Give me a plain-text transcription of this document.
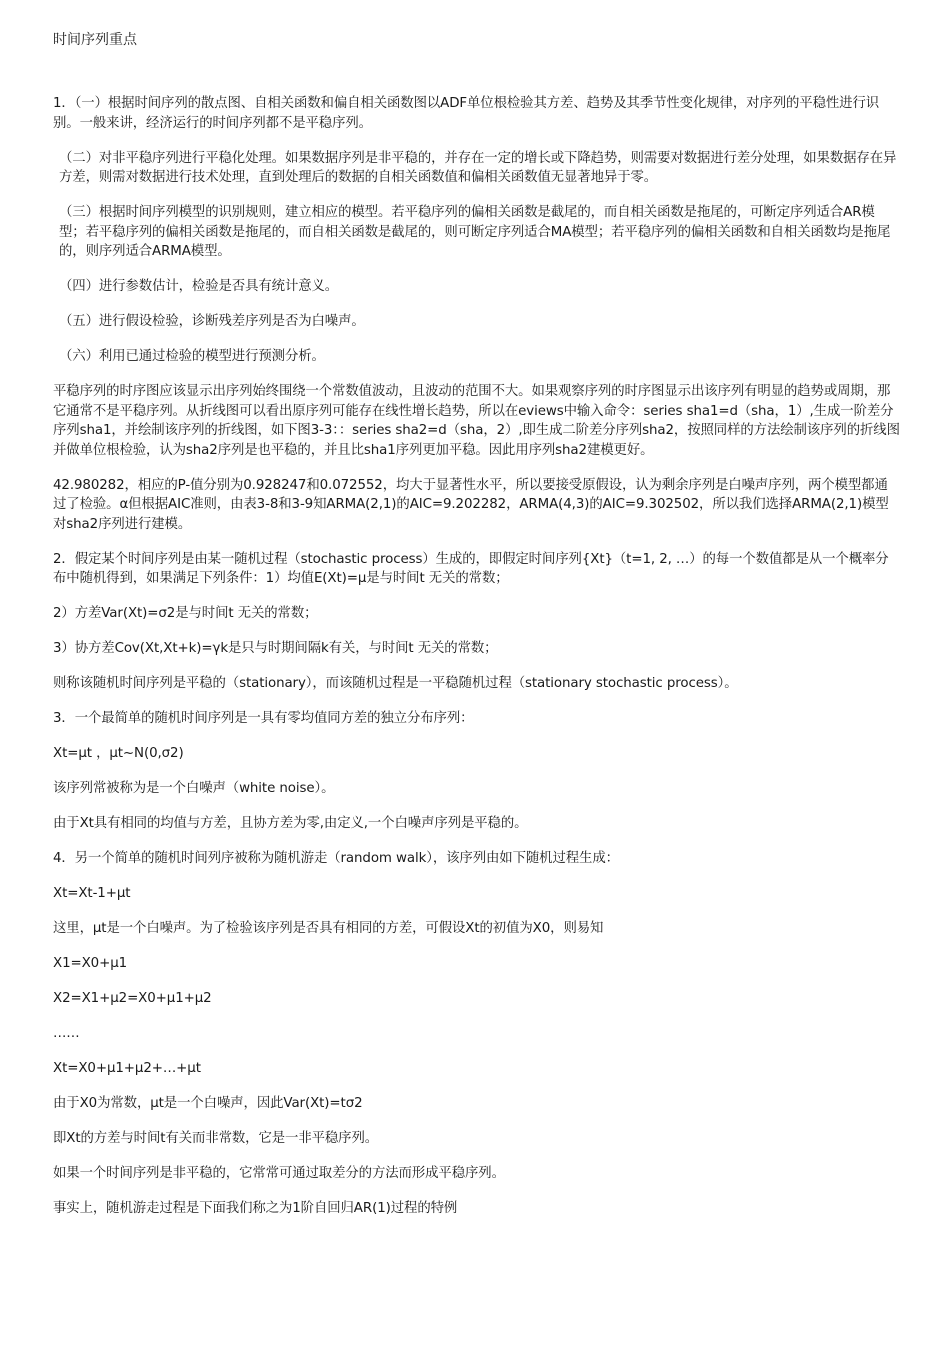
时间序列重点

1．（一）根据时间序列的散点图、自相关函数和偏自相关函数图以ADF单位根检验其方差、趋势及其季节性变化规律，对序列的平稳性进行识别。一般来讲，经济运行的时间序列都不是平稳序列。

（二）对非平稳序列进行平稳化处理。如果数据序列是非平稳的，并存在一定的增长或下降趋势，则需要对数据进行差分处理，如果数据存在异方差，则需对数据进行技术处理，直到处理后的数据的自相关函数值和偏相关函数值无显著地异于零。

（三）根据时间序列模型的识别规则，建立相应的模型。若平稳序列的偏相关函数是截尾的，而自相关函数是拖尾的，可断定序列适合AR模型；若平稳序列的偏相关函数是拖尾的，而自相关函数是截尾的，则可断定序列适合MA模型；若平稳序列的偏相关函数和自相关函数均是拖尾的，则序列适合ARMA模型。

（四）进行参数估计，检验是否具有统计意义。

（五）进行假设检验，诊断残差序列是否为白噪声。

（六）利用已通过检验的模型进行预测分析。

平稳序列的时序图应该显示出序列始终围绕一个常数值波动，且波动的范围不大。如果观察序列的时序图显示出该序列有明显的趋势或周期，那它通常不是平稳序列。从折线图可以看出原序列可能存在线性增长趋势，所以在eviews中输入命令：series sha1=d（sha，1）,生成一阶差分序列sha1，并绘制该序列的折线图，如下图3-3：：series sha2=d（sha，2）,即生成二阶差分序列sha2，按照同样的方法绘制该序列的折线图并做单位根检验，认为sha2序列是也平稳的，并且比sha1序列更加平稳。因此用序列sha2建模更好。

42.980282，相应的P-值分别为0.928247和0.072552，均大于显著性水平，所以要接受原假设，认为剩余序列是白噪声序列，两个模型都通过了检验。α但根据AIC准则，由表3-8和3-9知ARMA(2,1)的AIC=9.202282，ARMA(4,3)的AIC=9.302502，所以我们选择ARMA(2,1)模型对sha2序列进行建模。

2．假定某个时间序列是由某一随机过程（stochastic process）生成的，即假定时间序列{Xt}（t=1, 2, …）的每一个数值都是从一个概率分布中随机得到，如果满足下列条件：1）均值E(Xt)=μ是与时间t 无关的常数；

2）方差Var(Xt)=σ2是与时间t 无关的常数；

3）协方差Cov(Xt,Xt+k)=γk是只与时期间隔k有关，与时间t 无关的常数；

则称该随机时间序列是平稳的（stationary），而该随机过程是一平稳随机过程（stationary stochastic process）。

3．一个最简单的随机时间序列是一具有零均值同方差的独立分布序列：

Xt=μt ，μt~N(0,σ2)

该序列常被称为是一个白噪声（white noise）。

由于Xt具有相同的均值与方差，且协方差为零,由定义,一个白噪声序列是平稳的。

4．另一个简单的随机时间列序被称为随机游走（random walk），该序列由如下随机过程生成：

Xt=Xt-1+μt

这里，μt是一个白噪声。为了检验该序列是否具有相同的方差，可假设Xt的初值为X0，则易知

X1=X0+μ1

X2=X1+μ2=X0+μ1+μ2

……

Xt=X0+μ1+μ2+…+μt

由于X0为常数，μt是一个白噪声，因此Var(Xt)=tσ2

即Xt的方差与时间t有关而非常数，它是一非平稳序列。

如果一个时间序列是非平稳的，它常常可通过取差分的方法而形成平稳序列。

事实上，随机游走过程是下面我们称之为1阶自回归AR(1)过程的特例
